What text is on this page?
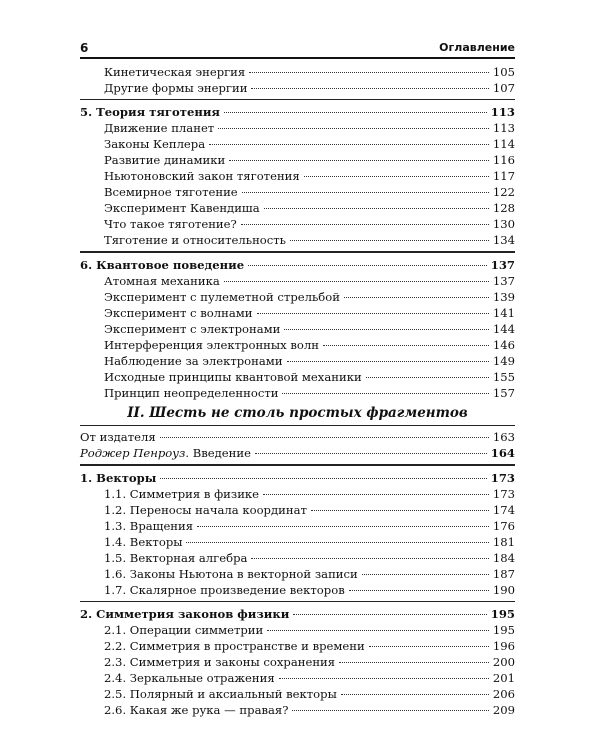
6	Оглавление
Кинетическая энергия	105
Другие формы энергии	107
5. Теория тяготения	113
Движение планет	113
Законы Кеплера	114
Развитие динамики	116
Ньютоновский закон тяготения	117
Всемирное тяготение	122
Эксперимент Кавендиша	128
Что такое тяготение?	130
Тяготение и относительность	134
6. Квантовое поведение	137
Атомная механика	137
Эксперимент с пулеметной стрельбой	139
Эксперимент с волнами	141
Эксперимент с электронами	144
Интерференция электронных волн	146
Наблюдение за электронами	149
Исходные принципы квантовой механики	155
Принцип неопределенности	157
II. Шесть не столь простых фрагментов
От издателя	163
Роджер Пенроуз. Введение	164
1. Векторы	173
1.1. Симметрия в физике	173
1.2. Переносы начала координат	174
1.3. Вращения	176
1.4. Векторы	181
1.5. Векторная алгебра	184
1.6. Законы Ньютона в векторной записи	187
1.7. Скалярное произведение векторов	190
2. Симметрия законов физики	195
2.1. Операции симметрии	195
2.2. Симметрия в пространстве и времени	196
2.3. Симметрия и законы сохранения	200
2.4. Зеркальные отражения	201
2.5. Полярный и аксиальный векторы	206
2.6. Какая же рука — правая?	209
